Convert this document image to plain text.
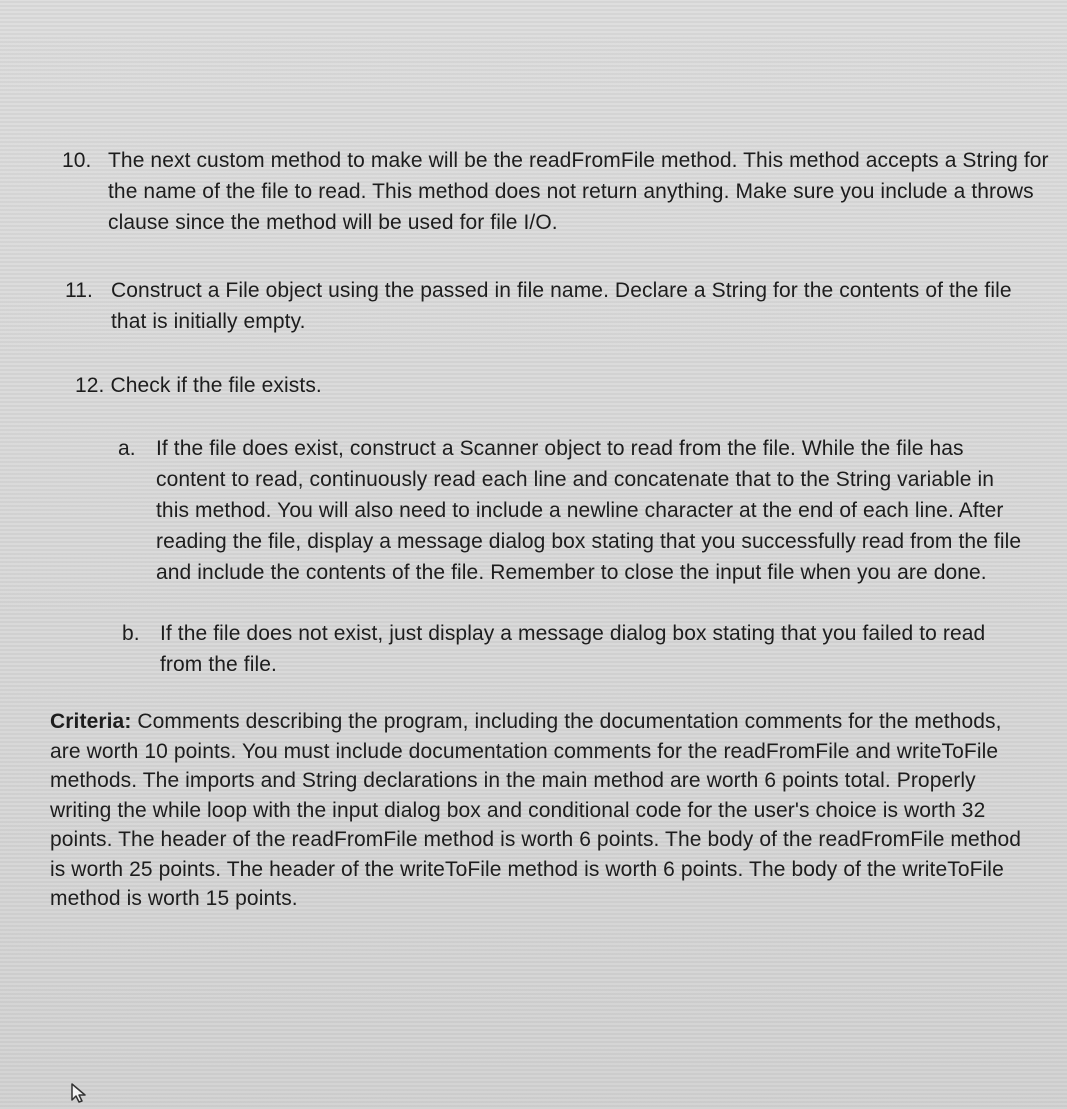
10. The next custom method to make will be the readFromFile method. This method accepts a String for the name of the file to read. This method does not return anything. Make sure you include a throws clause since the method will be used for file I/O.
11. Construct a File object using the passed in file name. Declare a String for the contents of the file that is initially empty.
12. Check if the file exists.
a. If the file does exist, construct a Scanner object to read from the file. While the file has content to read, continuously read each line and concatenate that to the String variable in this method. You will also need to include a newline character at the end of each line. After reading the file, display a message dialog box stating that you successfully read from the file and include the contents of the file. Remember to close the input file when you are done.
b. If the file does not exist, just display a message dialog box stating that you failed to read from the file.
Criteria: Comments describing the program, including the documentation comments for the methods, are worth 10 points. You must include documentation comments for the readFromFile and writeToFile methods. The imports and String declarations in the main method are worth 6 points total. Properly writing the while loop with the input dialog box and conditional code for the user's choice is worth 32 points. The header of the readFromFile method is worth 6 points. The body of the readFromFile method is worth 25 points. The header of the writeToFile method is worth 6 points. The body of the writeToFile method is worth 15 points.
